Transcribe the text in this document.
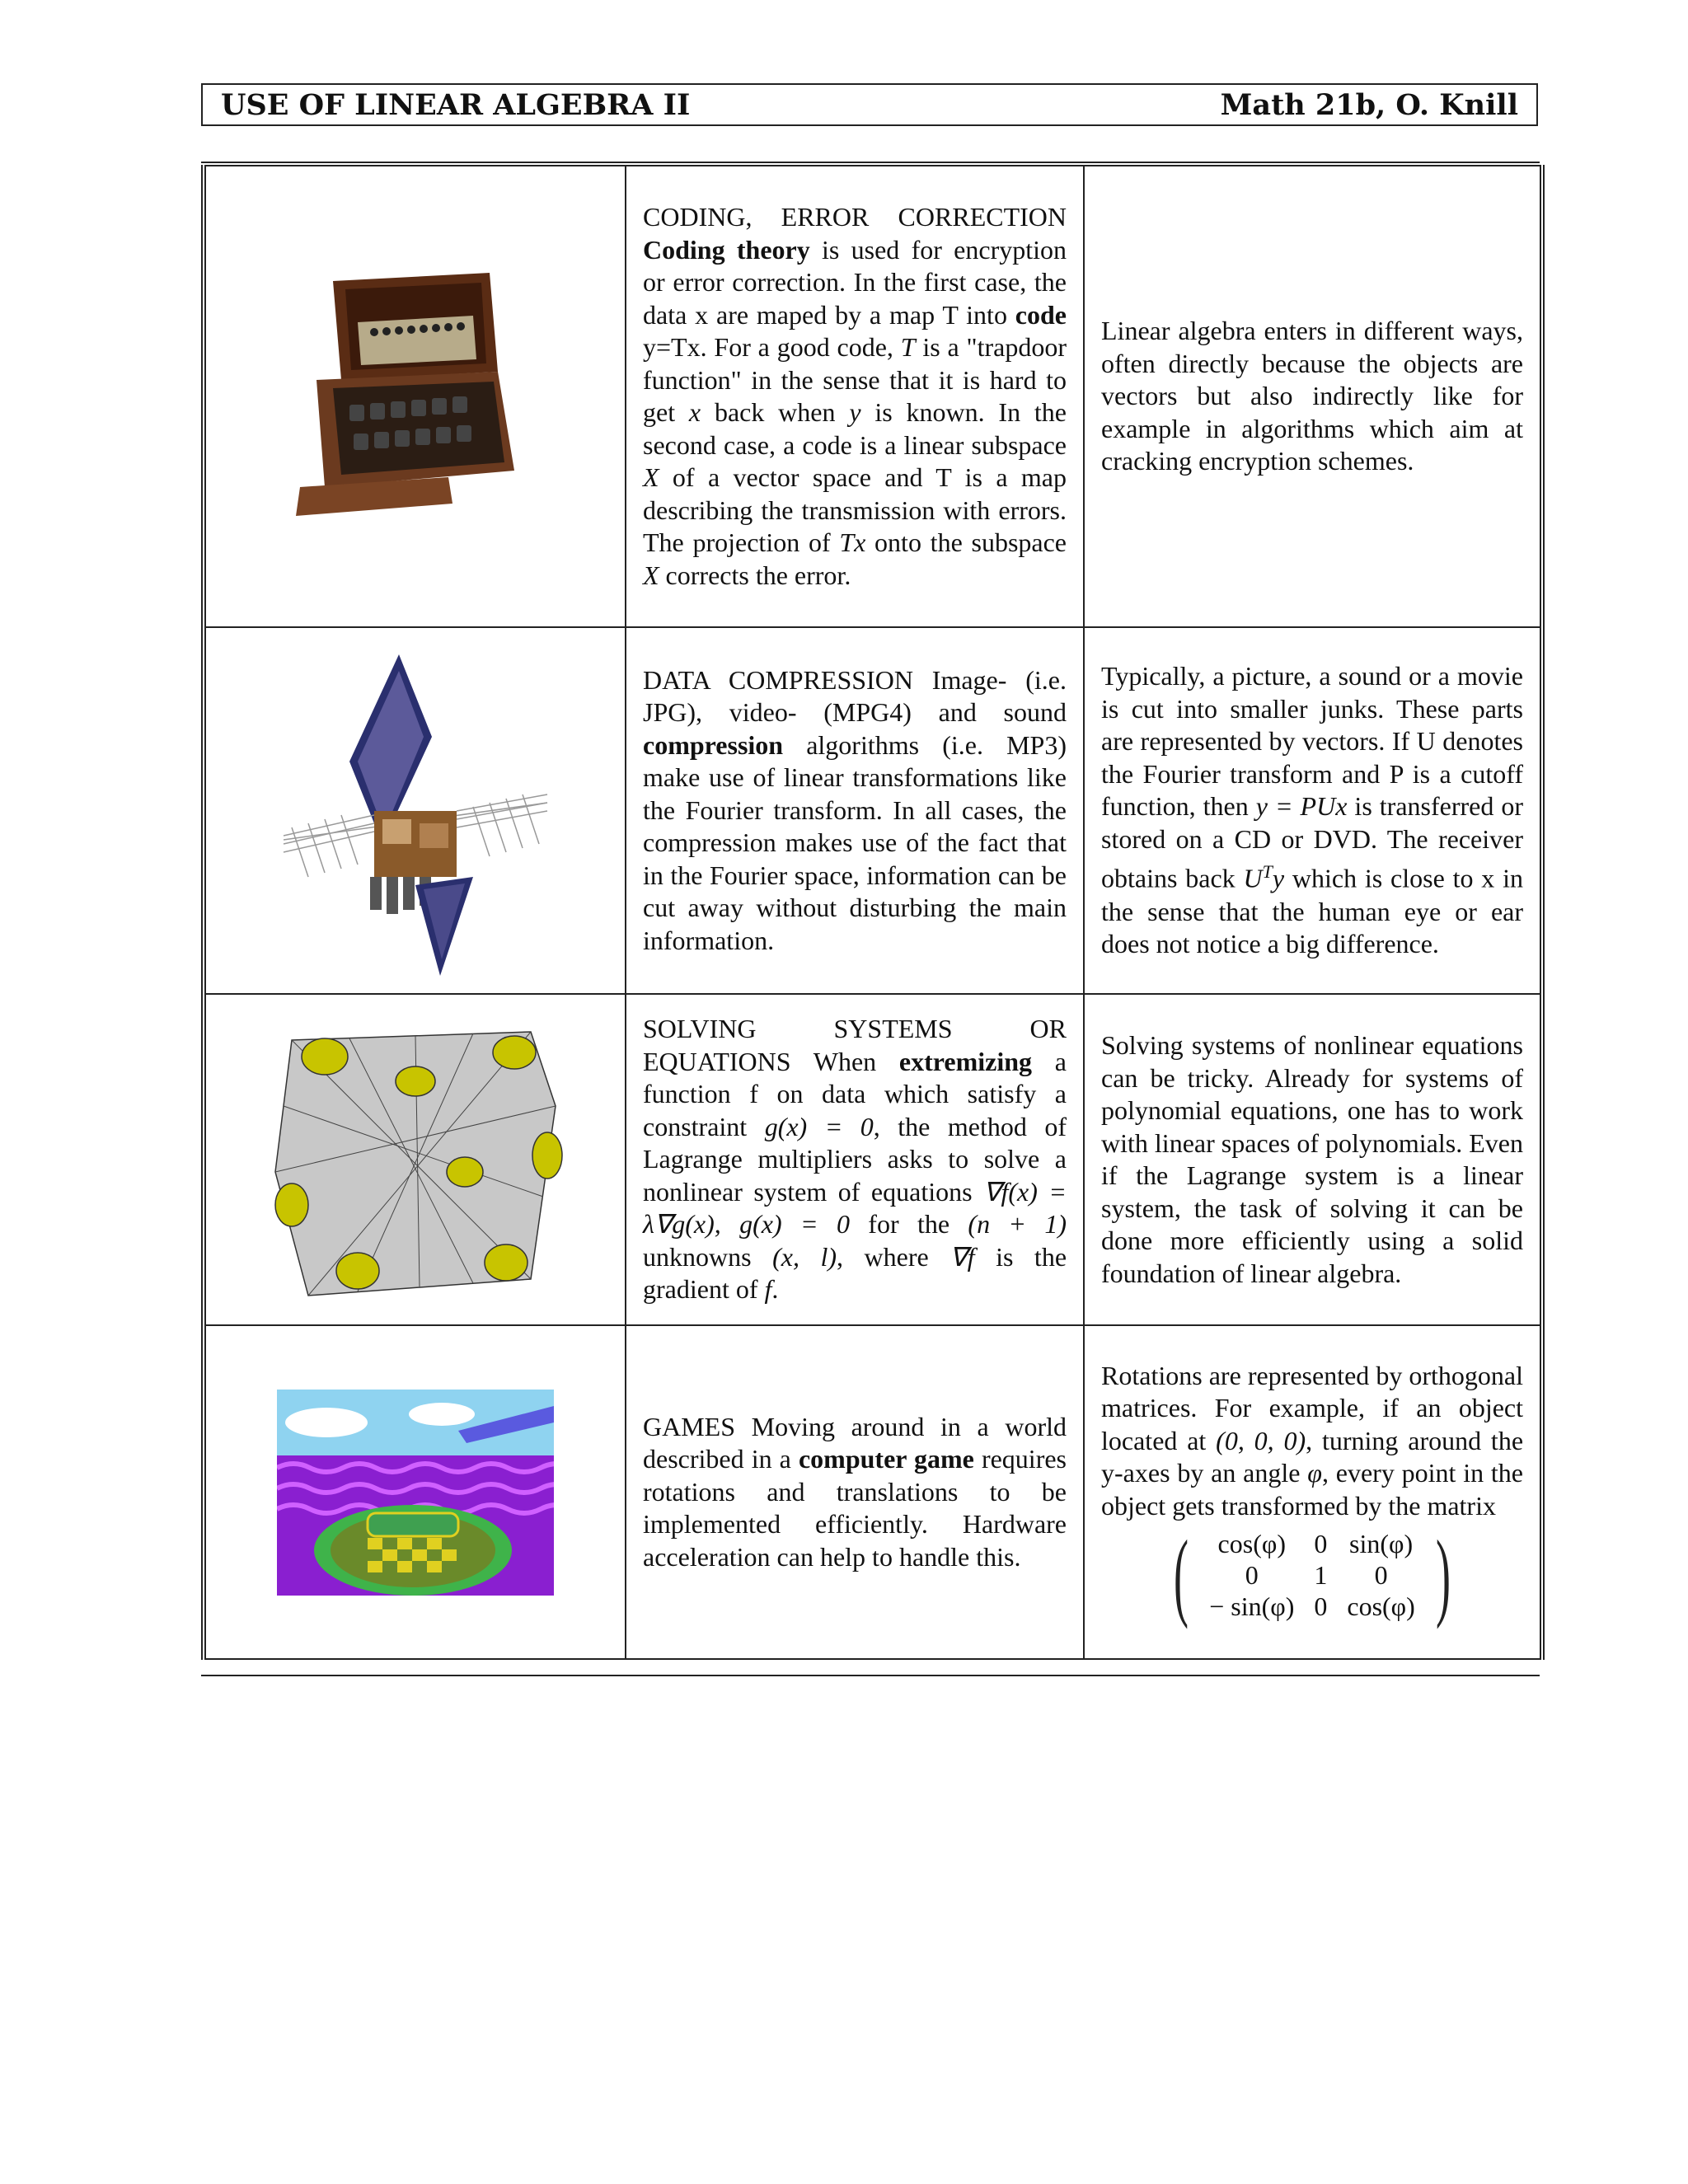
USE OF LINEAR ALGEBRA II	Math 21b, O. Knill
	CODING, ERROR CORRECTION Coding theory is used for encryption or error correction. In the first case, the data x are maped by a map T into code y=Tx. For a good code, T is a "trapdoor function" in the sense that it is hard to get x back when y is known. In the second case, a code is a linear subspace X of a vector space and T is a map describing the transmission with errors. The projection of Tx onto the subspace X corrects the error.	Linear algebra enters in different ways, often directly because the objects are vectors but also indirectly like for example in algorithms which aim at cracking encryption schemes.

	DATA COMPRESSION Image- (i.e. JPG), video- (MPG4) and sound compression algorithms (i.e. MP3) make use of linear transformations like the Fourier transform. In all cases, the compression makes use of the fact that in the Fourier space, information can be cut away without disturbing the main information.	Typically, a picture, a sound or a movie is cut into smaller junks. These parts are represented by vectors. If U denotes the Fourier transform and P is a cutoff function, then y = PUx is transferred or stored on a CD or DVD. The receiver obtains back $U^Ty$ which is close to x in the sense that the human eye or ear does not notice a big difference.

	SOLVING SYSTEMS OR EQUATIONS When extremizing a function f on data which satisfy a constraint g(x) = 0, the method of Lagrange multipliers asks to solve a nonlinear system of equations ∇f(x) = λ∇g(x), g(x) = 0 for the (n + 1) unknowns (x, l), where ∇f is the gradient of f.	Solving systems of nonlinear equations can be tricky. Already for systems of polynomial equations, one has to work with linear spaces of polynomials. Even if the Lagrange system is a linear system, the task of solving it can be done more efficiently using a solid foundation of linear algebra.

	GAMES Moving around in a world described in a computer game requires rotations and translations to be implemented efficiently. Hardware acceleration can help to handle this.	Rotations are represented by orthogonal matrices. For example, if an object located at (0, 0, 0), turning around the y-axes by an angle φ, every point in the object gets transformed by the matrix
( cos(φ)	0	sin(φ)
0	1	0
− sin(φ)	0	cos(φ) )
